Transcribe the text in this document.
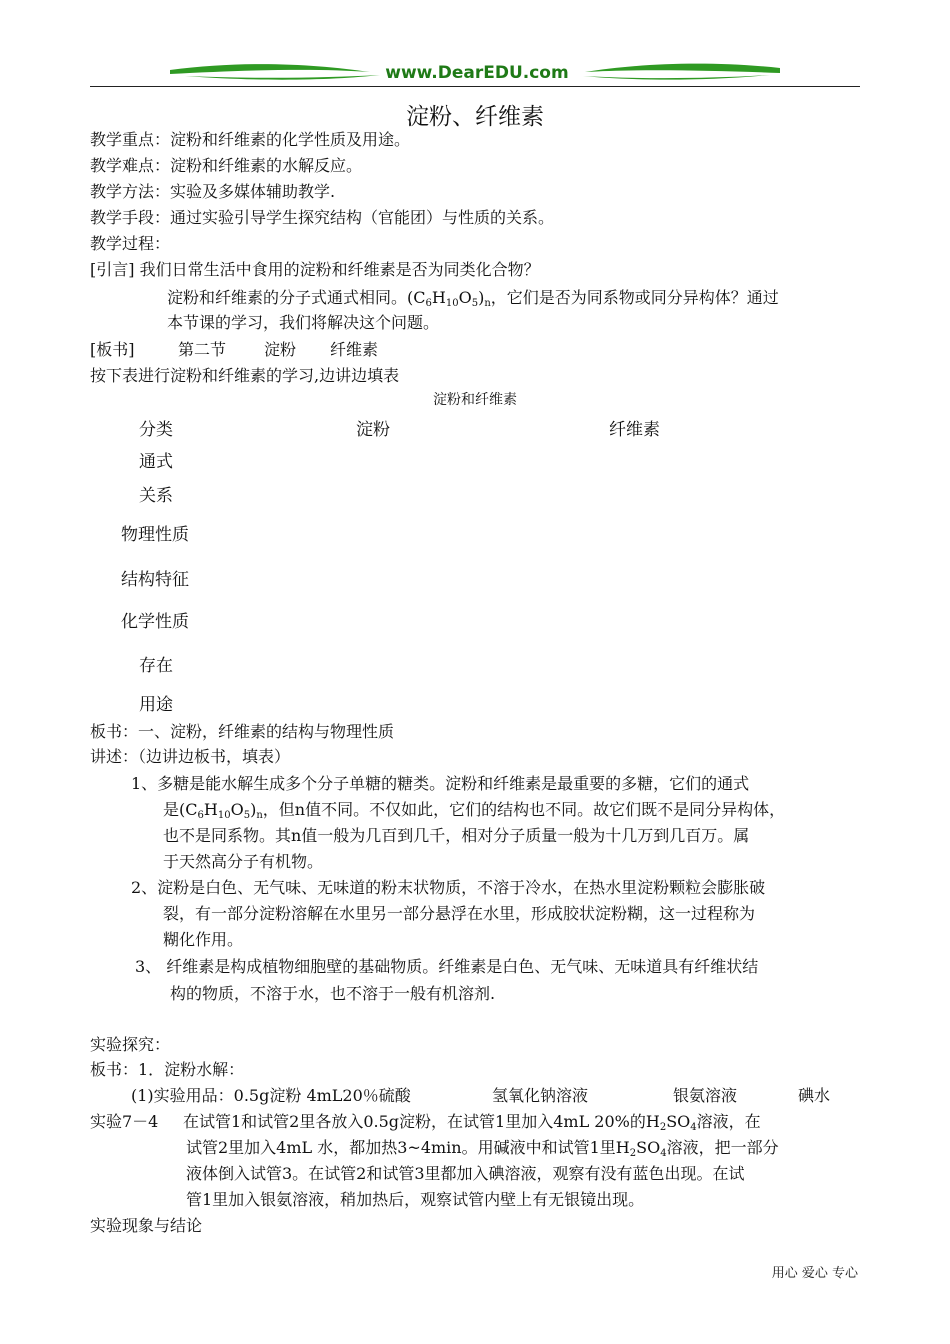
www.DearEDU.com
淀粉、纤维素
教学重点：淀粉和纤维素的化学性质及用途。
教学难点：淀粉和纤维素的水解反应。
教学方法：实验及多媒体辅助教学.
教学手段：通过实验引导学生探究结构（官能团）与性质的关系。
教学过程：
[引言] 我们日常生活中食用的淀粉和纤维素是否为同类化合物？
淀粉和纤维素的分子式通式相同。$(C_6H_{10}O_5)_n$，它们是否为同系物或同分异构体？通过
本节课的学习，我们将解决这个问题。
[板书]	第二节 淀粉 纤维素
按下表进行淀粉和纤维素的学习,边讲边填表
淀粉和纤维素
分类	淀粉	纤维素
通式
关系
物理性质
结构特征
化学性质
存在
用途
板书：一、淀粉，纤维素的结构与物理性质
讲述：（边讲边板书，填表）
1、多糖是能水解生成多个分子单糖的糖类。淀粉和纤维素是最重要的多糖，它们的通式
是$(C_6H_{10}O_5)_n$，但n值不同。不仅如此，它们的结构也不同。故它们既不是同分异构体，
也不是同系物。其n值一般为几百到几千，相对分子质量一般为十几万到几百万。属
于天然高分子有机物。
2、淀粉是白色、无气味、无味道的粉末状物质，不溶于冷水，在热水里淀粉颗粒会膨胀破
裂，有一部分淀粉溶解在水里另一部分悬浮在水里，形成胶状淀粉糊，这一过程称为
糊化作用。
3、 纤维素是构成植物细胞壁的基础物质。纤维素是白色、无气味、无味道具有纤维状结
构的物质，不溶于水，也不溶于一般有机溶剂.
实验探究：
板书：1．淀粉水解：
(1)实验用品：0.5g淀粉 4mL20％硫酸	氢氧化钠溶液	银氨溶液	碘水
实验7－4 在试管1和试管2里各放入0.5g淀粉，在试管1里加入4mL 20%的$H_2SO_4$溶液，在
试管2里加入4mL 水，都加热3~4min。用碱液中和试管1里$H_2SO_4$溶液，把一部分
液体倒入试管3。在试管2和试管3里都加入碘溶液，观察有没有蓝色出现。在试
管1里加入银氨溶液，稍加热后，观察试管内壁上有无银镜出现。
实验现象与结论
用心 爱心 专心
